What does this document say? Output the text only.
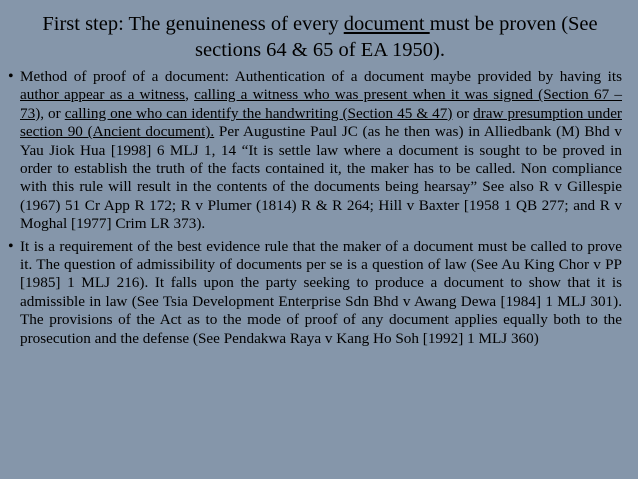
First step: The genuineness of every document must be proven (See sections 64 & 65 of EA 1950).
• Method of proof of a document: Authentication of a document maybe provided by having its author appear as a witness, calling a witness who was present when it was signed (Section 67 – 73), or calling one who can identify the handwriting (Section 45 & 47) or draw presumption under section 90 (Ancient document). Per Augustine Paul JC (as he then was) in Alliedbank (M) Bhd v Yau Jiok Hua [1998] 6 MLJ 1, 14 “It is settle law where a document is sought to be proved in order to establish the truth of the facts contained it, the maker has to be called. Non compliance with this rule will result in the contents of the documents being hearsay” See also R v Gillespie (1967) 51 Cr App R 172; R v Plumer (1814) R & R 264; Hill v Baxter [1958 1 QB 277; and R v Moghal [1977] Crim LR 373).
• It is a requirement of the best evidence rule that the maker of a document must be called to prove it. The question of admissibility of documents per se is a question of law (See Au King Chor v PP [1985] 1 MLJ 216). It falls upon the party seeking to produce a document to show that it is admissible in law (See Tsia Development Enterprise Sdn Bhd v Awang Dewa [1984] 1 MLJ 301). The provisions of the Act as to the mode of proof of any document applies equally both to the prosecution and the defense (See Pendakwa Raya v Kang Ho Soh [1992] 1 MLJ 360)
